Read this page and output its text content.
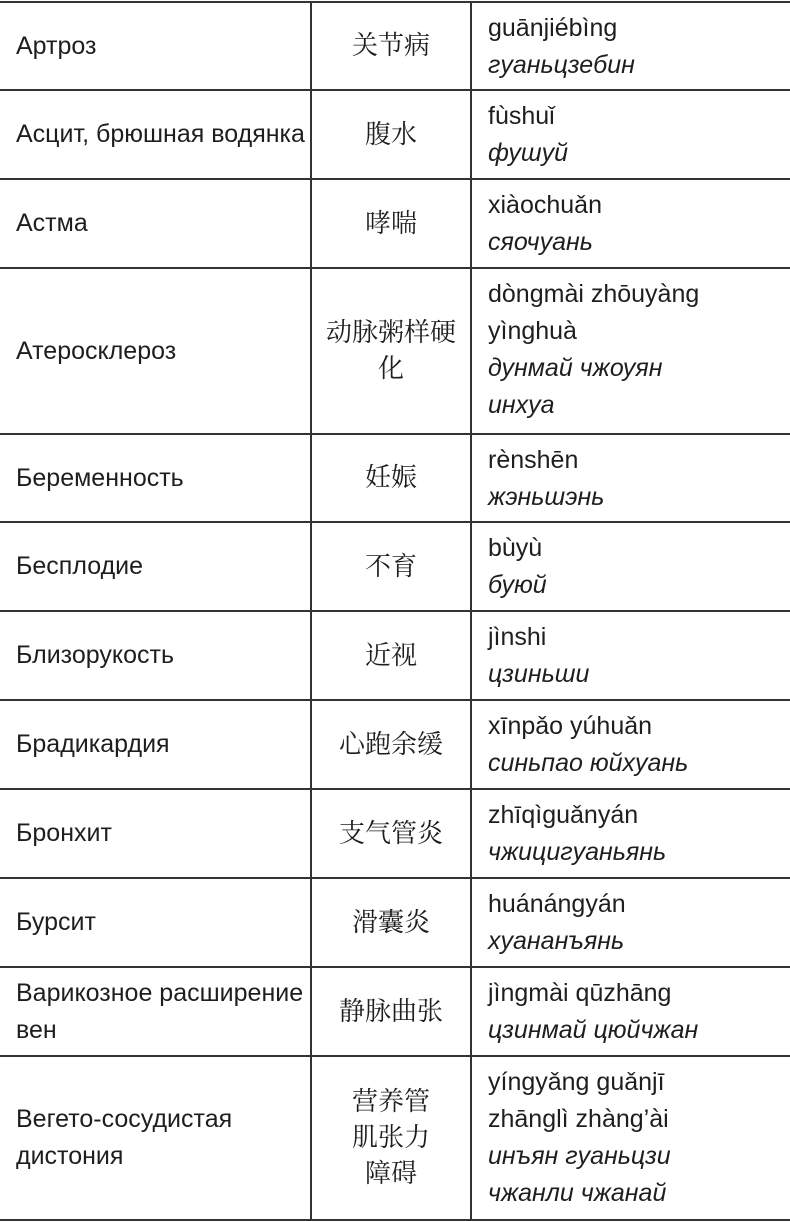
Артроз	关节病	guānjiébìng
гуаньцзебин

Асцит, брюшная водянка	腹水	fùshuǐ
фушуй

Астма	哮喘	xiàochuǎn
сяочуань

Атеросклероз	动脉粥样硬化	dòngmài zhōuyàng yìnghuà
дунмай чжоуян инхуа

Беременность	妊娠	rènshēn
жэньшэнь

Бесплодие	不育	bùyù
буюй

Близорукость	近视	jìnshi
цзиньши

Брадикардия	心跑余缓	xīnpǎo yúhuǎn
синьпао юйхуань

Бронхит	支气管炎	zhīqìguǎnyán
чжицигуаньянь

Бурсит	滑囊炎	huánángyán
хуананъянь

Варикозное расширение вен	静脉曲张	jìngmài qūzhāng
цзинмай цюйчжан

Вегето-сосудистая дистония	营养管肌张力障碍	yíngyǎng guǎnjī zhānglì zhàng’ài
инъян гуаньцзи чжанли чжанай
